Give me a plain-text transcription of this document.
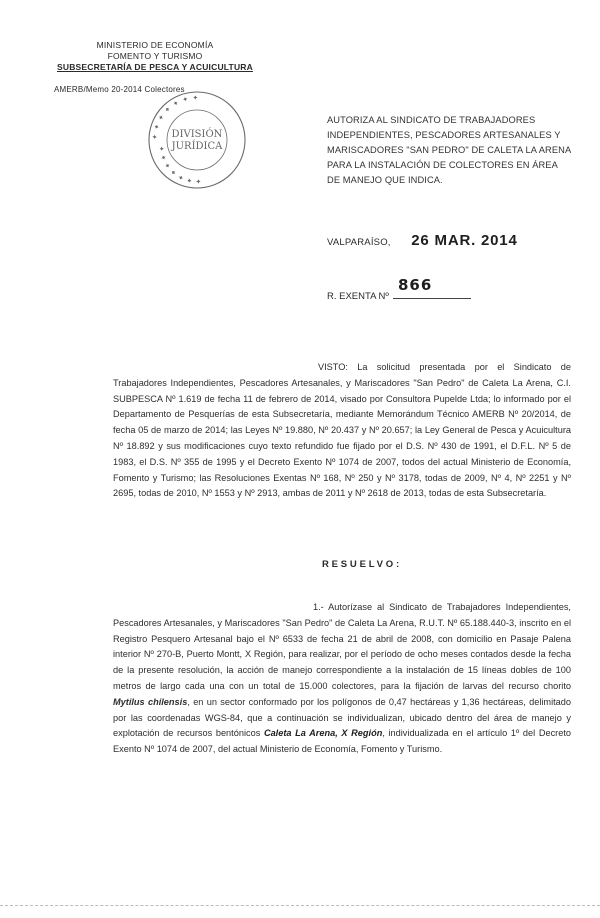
MINISTERIO DE ECONOMÍA
FOMENTO Y TURISMO
SUBSECRETARÍA DE PESCA Y ACUICULTURA
AMERB/Memo 20-2014 Colectores
✦ ✦ ✦ ✦ ✦ ✦ ✦
✦ ✦ ✦ ✦ ✦ ✦ ✦
DIVISIÓN
JURÍDICA
AUTORIZA AL SINDICATO DE TRABAJADORES INDEPENDIENTES, PESCADORES ARTESANALES Y MARISCADORES "SAN PEDRO" DE CALETA LA ARENA PARA LA INSTALACIÓN DE COLECTORES EN ÁREA DE MANEJO QUE INDICA.
VALPARAÍSO, 26 MAR. 2014
866
R. EXENTA Nº
VISTO: La solicitud presentada por el Sindicato de Trabajadores Independientes, Pescadores Artesanales, y Mariscadores "San Pedro" de Caleta La Arena, C.I. SUBPESCA Nº 1.619 de fecha 11 de febrero de 2014, visado por Consultora Pupelde Ltda; lo informado por el Departamento de Pesquerías de esta Subsecretaría, mediante Memorándum Técnico AMERB Nº 20/2014, de fecha 05 de marzo de 2014; las Leyes Nº 19.880, Nº 20.437 y Nº 20.657; la Ley General de Pesca y Acuicultura Nº 18.892 y sus modificaciones cuyo texto refundido fue fijado por el D.S. Nº 430 de 1991, el D.F.L. Nº 5 de 1983, el D.S. Nº 355 de 1995 y el Decreto Exento Nº 1074 de 2007, todos del actual Ministerio de Economía, Fomento y Turismo; las Resoluciones Exentas Nº 168, Nº 250 y Nº 3178, todas de 2009, Nº 4, Nº 2251 y Nº 2695, todas de 2010, Nº 1553 y Nº 2913, ambas de 2011 y Nº 2618 de 2013, todas de esta Subsecretaría.
RESUELVO:
1.- Autorízase al Sindicato de Trabajadores Independientes, Pescadores Artesanales, y Mariscadores "San Pedro" de Caleta La Arena, R.U.T. Nº 65.188.440-3, inscrito en el Registro Pesquero Artesanal bajo el Nº 6533 de fecha 21 de abril de 2008, con domicilio en Pasaje Palena interior Nº 270-B, Puerto Montt, X Región, para realizar, por el período de ocho meses contados desde la fecha de la presente resolución, la acción de manejo correspondiente a la instalación de 15 líneas dobles de 100 metros de largo cada una con un total de 15.000 colectores, para la fijación de larvas del recurso chorito Mytilus chilensis, en un sector conformado por los polígonos de 0,47 hectáreas y 1,36 hectáreas, delimitado por las coordenadas WGS-84, que a continuación se individualizan, ubicado dentro del área de manejo y explotación de recursos bentónicos Caleta La Arena, X Región, individualizada en el artículo 1º del Decreto Exento Nº 1074 de 2007, del actual Ministerio de Economía, Fomento y Turismo.
